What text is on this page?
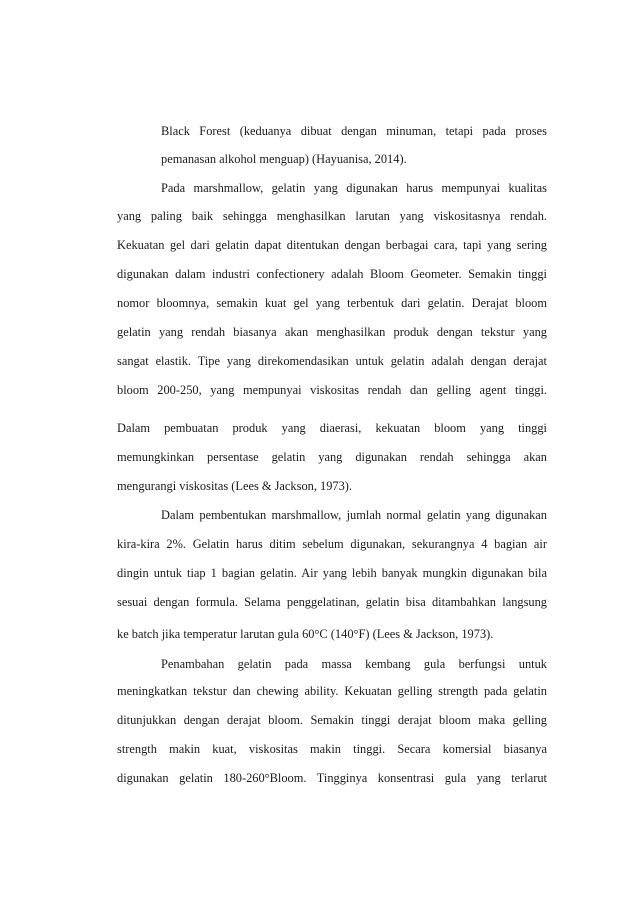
Black Forest (keduanya dibuat dengan minuman, tetapi pada proses
pemanasan alkohol menguap) (Hayuanisa, 2014).
Pada marshmallow, gelatin yang digunakan harus mempunyai kualitas
yang paling baik sehingga menghasilkan larutan yang viskositasnya rendah.
Kekuatan gel dari gelatin dapat ditentukan dengan berbagai cara, tapi yang sering
digunakan dalam industri confectionery adalah Bloom Geometer. Semakin tinggi
nomor bloomnya, semakin kuat gel yang terbentuk dari gelatin. Derajat bloom
gelatin yang rendah biasanya akan menghasilkan produk dengan tekstur yang
sangat elastik. Tipe yang direkomendasikan untuk gelatin adalah dengan derajat
bloom 200-250, yang mempunyai viskositas rendah dan gelling agent tinggi.
Dalam pembuatan produk yang diaerasi, kekuatan bloom yang tinggi
memungkinkan persentase gelatin yang digunakan rendah sehingga akan
mengurangi viskositas (Lees & Jackson, 1973).
Dalam pembentukan marshmallow, jumlah normal gelatin yang digunakan
kira-kira 2%. Gelatin harus ditim sebelum digunakan, sekurangnya 4 bagian air
dingin untuk tiap 1 bagian gelatin. Air yang lebih banyak mungkin digunakan bila
sesuai dengan formula. Selama penggelatinan, gelatin bisa ditambahkan langsung
ke batch jika temperatur larutan gula 60°C (140°F) (Lees & Jackson, 1973).
Penambahan gelatin pada massa kembang gula berfungsi untuk
meningkatkan tekstur dan chewing ability. Kekuatan gelling strength pada gelatin
ditunjukkan dengan derajat bloom. Semakin tinggi derajat bloom maka gelling
strength makin kuat, viskositas makin tinggi. Secara komersial biasanya
digunakan gelatin 180-260°Bloom. Tingginya konsentrasi gula yang terlarut
